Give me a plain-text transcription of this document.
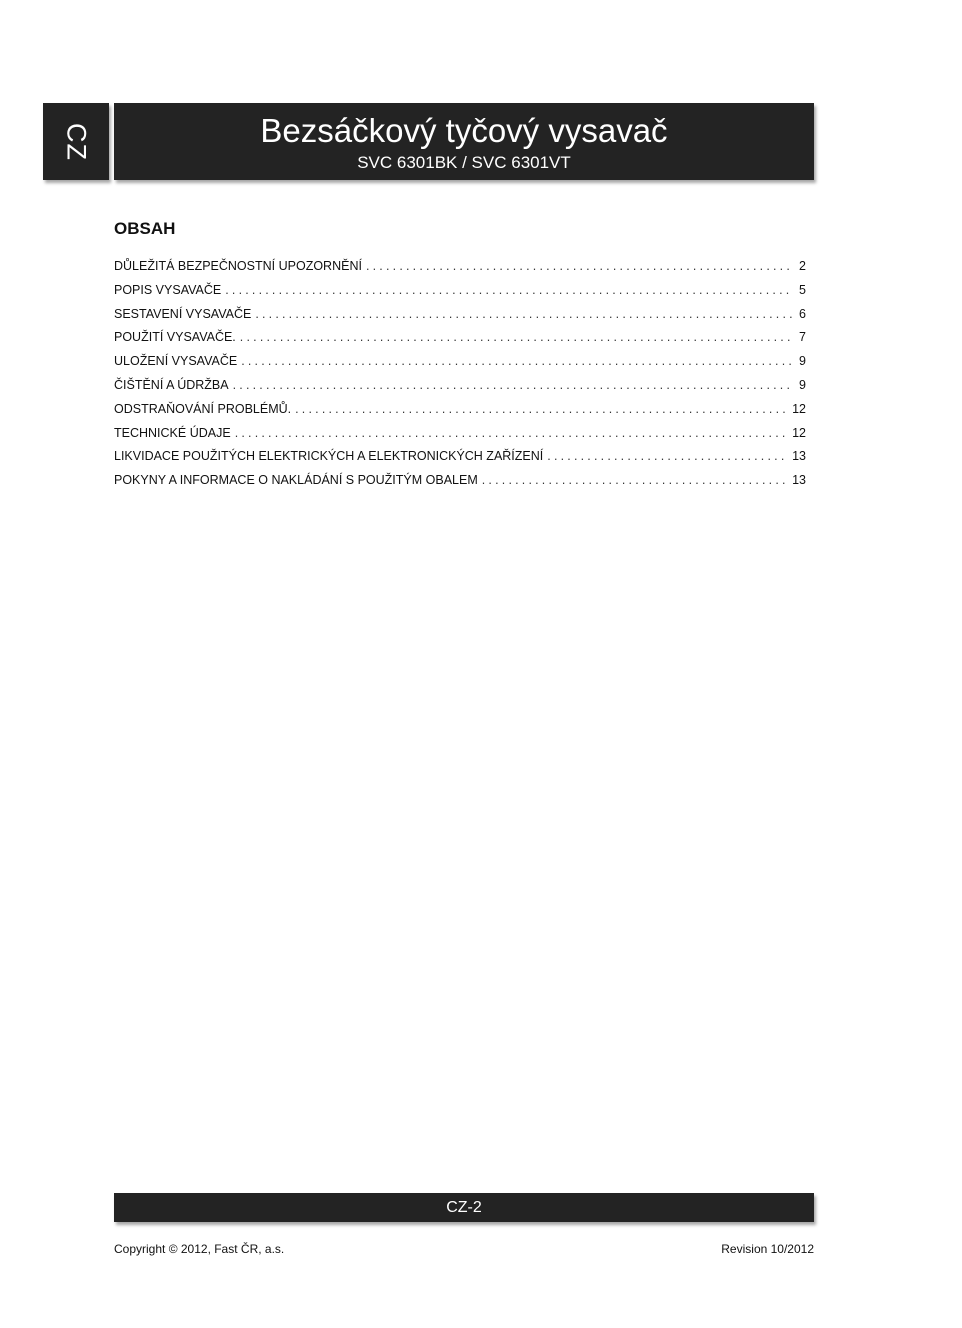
CZ	Bezsáčkový tyčový vysavač
SVC 6301BK / SVC 6301VT
OBSAH
DŮLEŽITÁ BEZPEČNOSTNÍ UPOZORNĚNÍ .....	2
POPIS VYSAVAČE .....	5
SESTAVENÍ VYSAVAČE .....	6
POUŽITÍ VYSAVAČE. .....	7
ULOŽENÍ VYSAVAČE .....	9
ČIŠTĚNÍ A ÚDRŽBA .....	9
ODSTRAŇOVÁNÍ PROBLÉMŮ. .....	12
TECHNICKÉ ÚDAJE .....	12
LIKVIDACE POUŽITÝCH ELEKTRICKÝCH A ELEKTRONICKÝCH ZAŘÍZENÍ .....	13
POKYNY A INFORMACE O NAKLÁDÁNÍ S POUŽITÝM OBALEM .....	13
CZ-2
Copyright © 2012, Fast ČR, a.s.	Revision 10/2012
